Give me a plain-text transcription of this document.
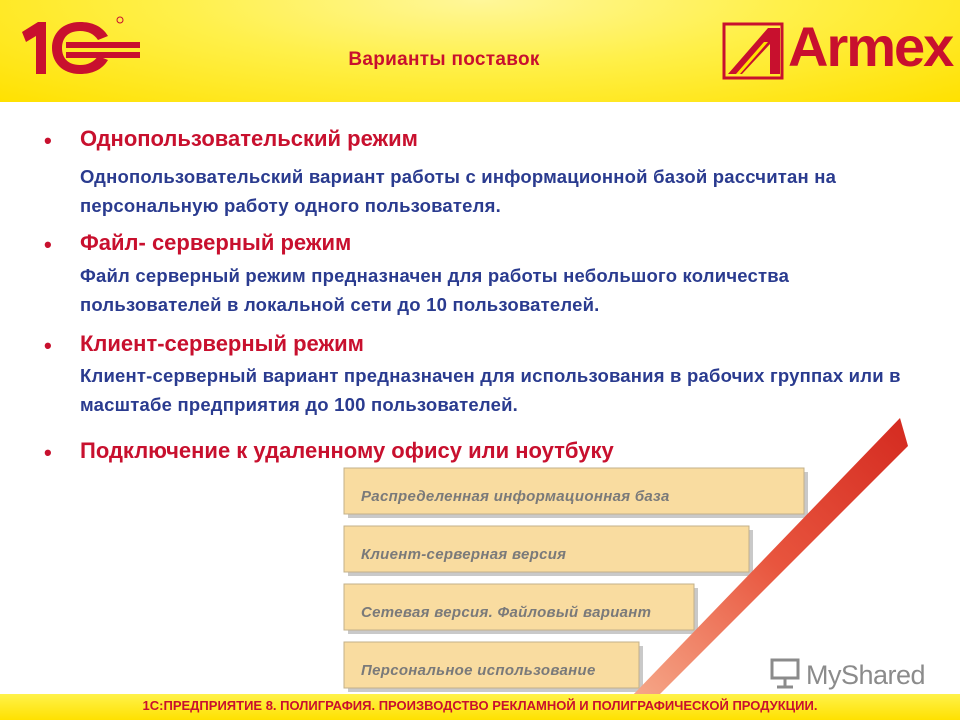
Варианты поставок	Armex
• Однопользовательский режим
Однопользовательский вариант работы с информационной базой рассчитан на персональную работу одного пользователя.
• Файл- серверный режим
Файл серверный режим предназначен для работы небольшого количества пользователей в локальной сети до 10 пользователей.
• Клиент-серверный режим
Клиент-серверный вариант предназначен для использования в рабочих группах или в масштабе предприятия до 100 пользователей.
• Подключение к удаленному офису или ноутбуку
Распределенная информационная база
Клиент-серверная версия
Сетевая версия. Файловый вариант
Персональное использование	MyShared
1С:ПРЕДПРИЯТИЕ 8. ПОЛИГРАФИЯ. ПРОИЗВОДСТВО РЕКЛАМНОЙ И ПОЛИГРАФИЧЕСКОЙ ПРОДУКЦИИ.
